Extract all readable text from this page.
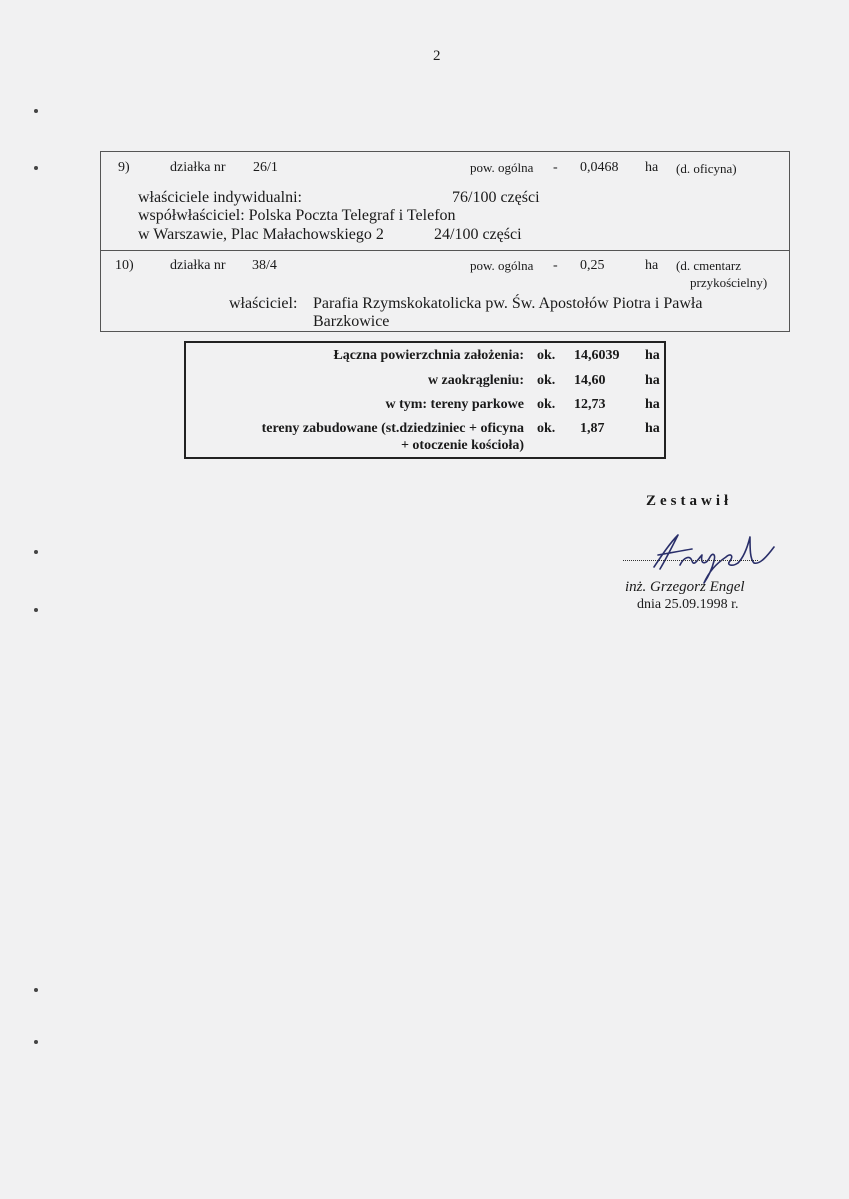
2
9)	działka nr 26/1	pow. ogólna - 0,0468 ha (d. oficyna)
właściciele indywidualni:	76/100 części
współwłaściciel: Polska Poczta Telegraf i Telefon
w Warszawie, Plac Małachowskiego 2	24/100 części
10)	działka nr 38/4	pow. ogólna - 0,25	ha (d. cmentarz
przykościelny)
właściciel: Parafia Rzymskokatolicka pw. Św. Apostołów Piotra i Pawła
Barzkowice
Łączna powierzchnia założenia: ok. 14,6039 ha
w zaokrągleniu: ok. 14,60	ha
w tym: tereny parkowe ok. 12,73	ha
tereny zabudowane (st.dziedziniec + oficyna
+ otoczenie kościoła)
ok. 1,87	ha
Zestawił
inż. Grzegorz Engel
dnia 25.09.1998 r.
